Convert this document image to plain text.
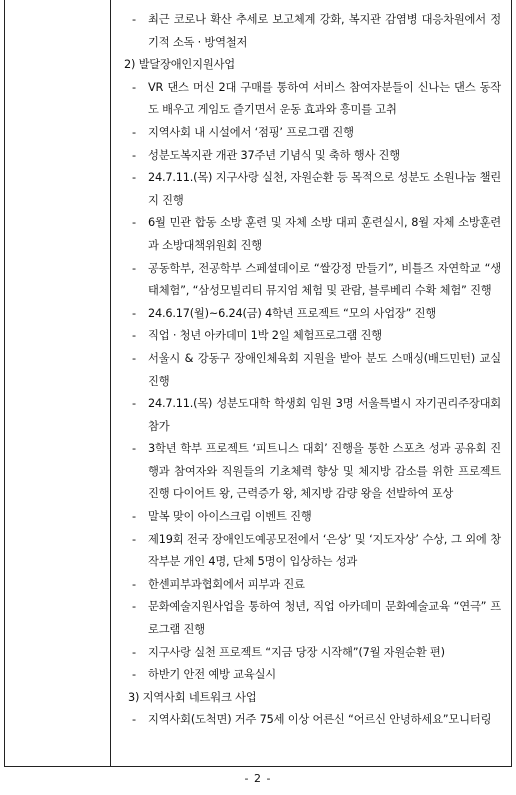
-	최근 코로나 확산 추세로 보고체계 강화, 복지관 감염병 대응차원에서 정기적 소독 · 방역철저
2) 발달장애인지원사업
-	VR 댄스 머신 2대 구매를 통하여 서비스 참여자분들이 신나는 댄스 동작도 배우고 게임도 즐기면서 운동 효과와 흥미를 고취
-	지역사회 내 시설에서 ‘점핑’ 프로그램 진행
-	성분도복지관 개관 37주년 기념식 및 축하 행사 진행
-	24.7.11.(목) 지구사랑 실천, 자원순환 등 목적으로 성분도 소원나눔 챌린지 진행
-	6월 민관 합동 소방 훈련 및 자체 소방 대피 훈련실시, 8월 자체 소방훈련과 소방대책위원회 진행
-	공동학부, 전공학부 스페셜데이로 “쌀강정 만들기”, 비틀즈 자연학교 “생태체험”, “삼성모빌리티 뮤지엄 체험 및 관람, 블루베리 수확 체험” 진행
-	24.6.17(월)~6.24(금) 4학년 프로젝트 “모의 사업장” 진행
-	직업 · 청년 아카데미 1박 2일 체험프로그램 진행
-	서울시 & 강동구 장애인체육회 지원을 받아 분도 스매싱(배드민턴) 교실 진행
-	24.7.11.(목) 성분도대학 학생회 임원 3명 서울특별시 자기권리주장대회 참가
-	3학년 학부 프로젝트 ‘피트니스 대회’ 진행을 통한 스포츠 성과 공유회 진행과 참여자와 직원들의 기초체력 향상 및 체지방 감소를 위한 프로젝트 진행 다이어트 왕, 근력증가 왕, 체지방 감량 왕을 선발하여 포상
-	말복 맞이 아이스크림 이벤트 진행
-	제19회 전국 장애인도예공모전에서 ‘은상’ 및 ‘지도자상’ 수상, 그 외에 창작부분 개인 4명, 단체 5명이 입상하는 성과
-	한센피부과협회에서 피부과 진료
-	문화예술지원사업을 통하여 청년, 직업 아카데미 문화예술교육 “연극” 프로그램 진행
-	지구사랑 실천 프로젝트 “지금 당장 시작해”(7월 자원순환 편)
-	하반기 안전 예방 교육실시
3) 지역사회 네트워크 사업
-	지역사회(도척면) 거주 75세 이상 어른신 “어르신 안녕하세요”모니터링
- 2 -
